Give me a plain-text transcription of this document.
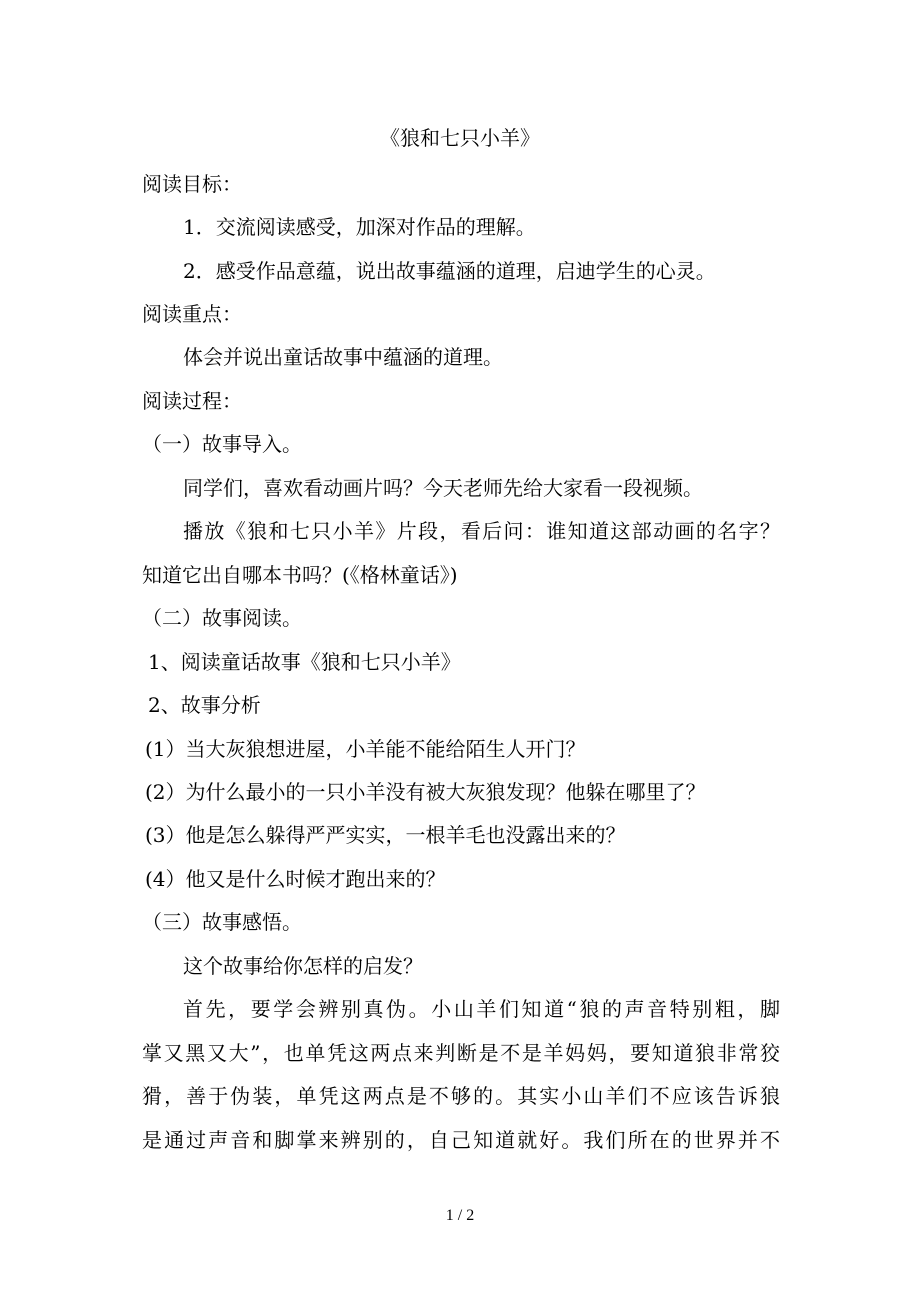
《狼和七只小羊》
阅读目标：
1．交流阅读感受，加深对作品的理解。
2．感受作品意蕴，说出故事蕴涵的道理，启迪学生的心灵。
阅读重点：
体会并说出童话故事中蕴涵的道理。
阅读过程：
（一）故事导入。
同学们，喜欢看动画片吗？今天老师先给大家看一段视频。
播放《狼和七只小羊》片段，看后问：谁知道这部动画的名字？
知道它出自哪本书吗？(《格林童话》)
（二）故事阅读。
1、阅读童话故事《狼和七只小羊》
2、故事分析
(1）当大灰狼想进屋，小羊能不能给陌生人开门？
(2）为什么最小的一只小羊没有被大灰狼发现？他躲在哪里了？
(3）他是怎么躲得严严实实，一根羊毛也没露出来的？
(4）他又是什么时候才跑出来的？
（三）故事感悟。
这个故事给你怎样的启发？
首先，要学会辨别真伪。小山羊们知道“狼的声音特别粗，脚
掌又黑又大”，也单凭这两点来判断是不是羊妈妈，要知道狼非常狡
猾，善于伪装，单凭这两点是不够的。其实小山羊们不应该告诉狼
是通过声音和脚掌来辨别的，自己知道就好。我们所在的世界并不
1 / 2
